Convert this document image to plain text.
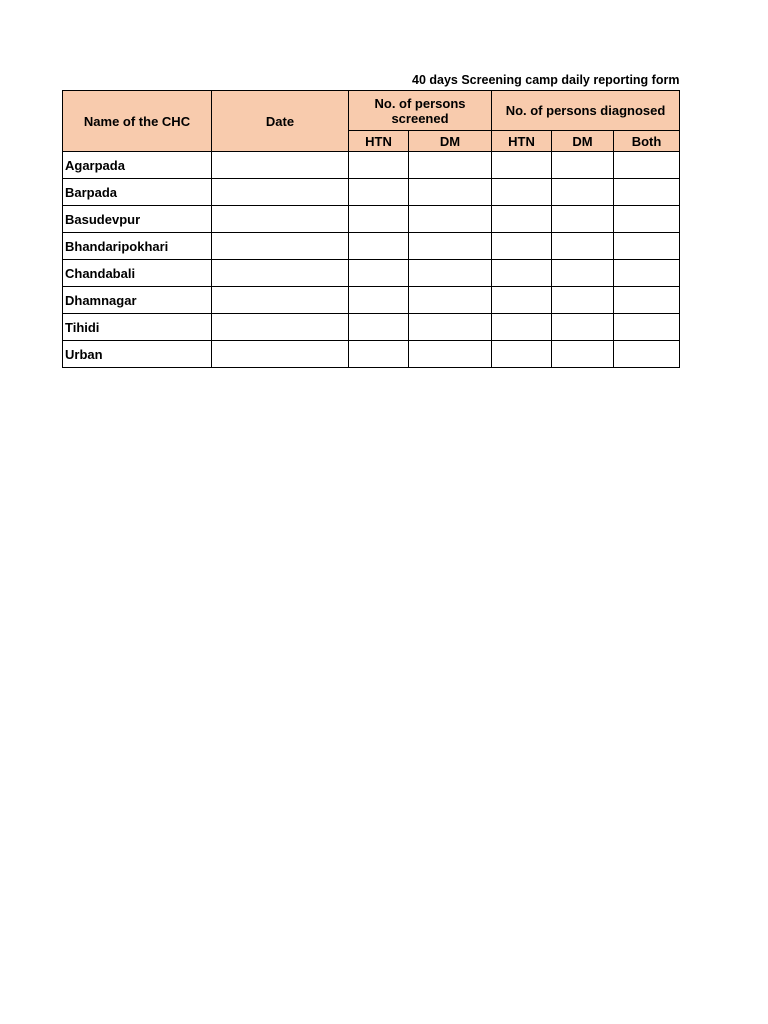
40 days Screening camp daily reporting form
Name of the CHC	Date	No. of persons screened		No. of persons diagnosed		
		HTN	DM	HTN	DM	Both
Agarpada						
Barpada						
Basudevpur						
Bhandaripokhari						
Chandabali						
Dhamnagar						
Tihidi						
Urban						
